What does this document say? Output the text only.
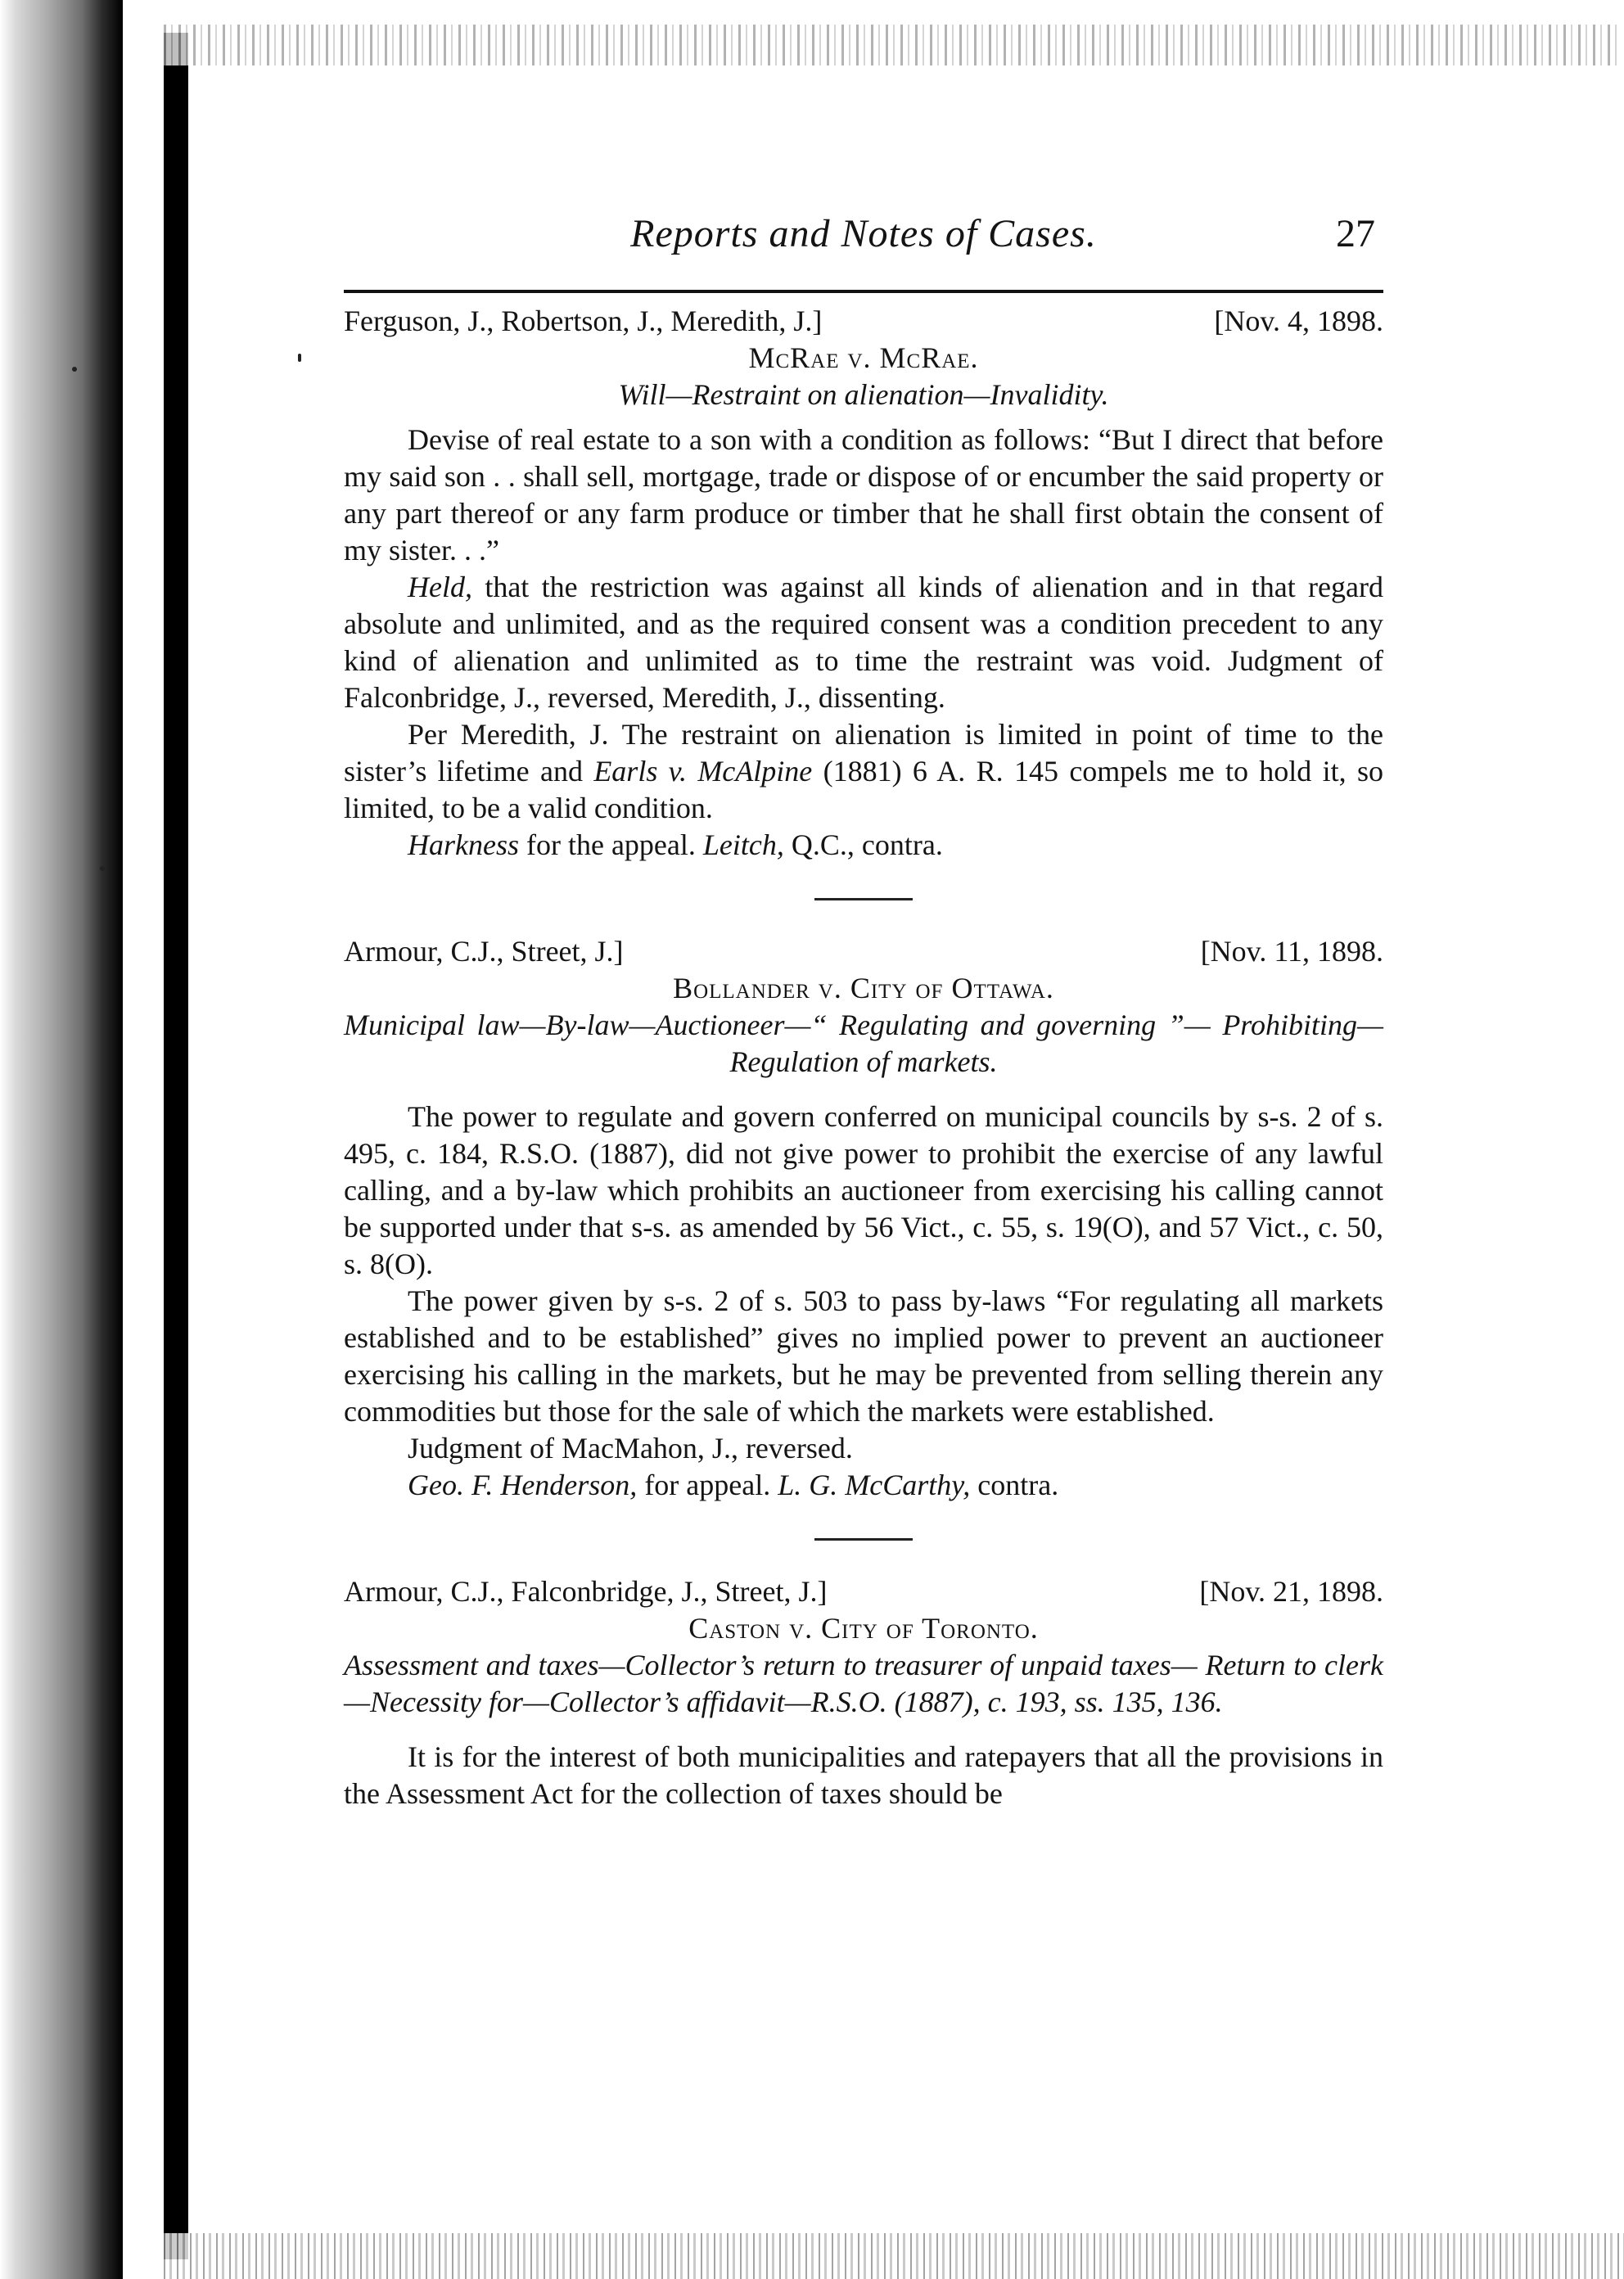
Reports and Notes of Cases.	27
Ferguson, J., Robertson, J., Meredith, J.]	[Nov. 4, 1898.
McRae v. McRae.
Will—Restraint on alienation—Invalidity.

Devise of real estate to a son with a condition as follows: “But I direct that before my said son . . shall sell, mortgage, trade or dispose of or encumber the said property or any part thereof or any farm produce or timber that he shall first obtain the consent of my sister. . .”

Held, that the restriction was against all kinds of alienation and in that regard absolute and unlimited, and as the required consent was a condition precedent to any kind of alienation and unlimited as to time the restraint was void. Judgment of Falconbridge, J., reversed, Meredith, J., dissenting.

Per Meredith, J. The restraint on alienation is limited in point of time to the sister’s lifetime and Earls v. McAlpine (1881) 6 A. R. 145 compels me to hold it, so limited, to be a valid condition.

Harkness for the appeal. Leitch, Q.C., contra.

Armour, C.J., Street, J.]	[Nov. 11, 1898.
Bollander v. City of Ottawa.
Municipal law—By-law—Auctioneer—“ Regulating and governing ”— Prohibiting—Regulation of markets.

The power to regulate and govern conferred on municipal councils by s-s. 2 of s. 495, c. 184, R.S.O. (1887), did not give power to prohibit the exercise of any lawful calling, and a by-law which prohibits an auctioneer from exercising his calling cannot be supported under that s-s. as amended by 56 Vict., c. 55, s. 19(O), and 57 Vict., c. 50, s. 8(O).

The power given by s-s. 2 of s. 503 to pass by-laws “For regulating all markets established and to be established” gives no implied power to prevent an auctioneer exercising his calling in the markets, but he may be prevented from selling therein any commodities but those for the sale of which the markets were established.

Judgment of MacMahon, J., reversed.

Geo. F. Henderson, for appeal. L. G. McCarthy, contra.

Armour, C.J., Falconbridge, J., Street, J.]	[Nov. 21, 1898.
Caston v. City of Toronto.
Assessment and taxes—Collector’s return to treasurer of unpaid taxes— Return to clerk—Necessity for—Collector’s affidavit—R.S.O. (1887), c. 193, ss. 135, 136.

It is for the interest of both municipalities and ratepayers that all the provisions in the Assessment Act for the collection of taxes should be
